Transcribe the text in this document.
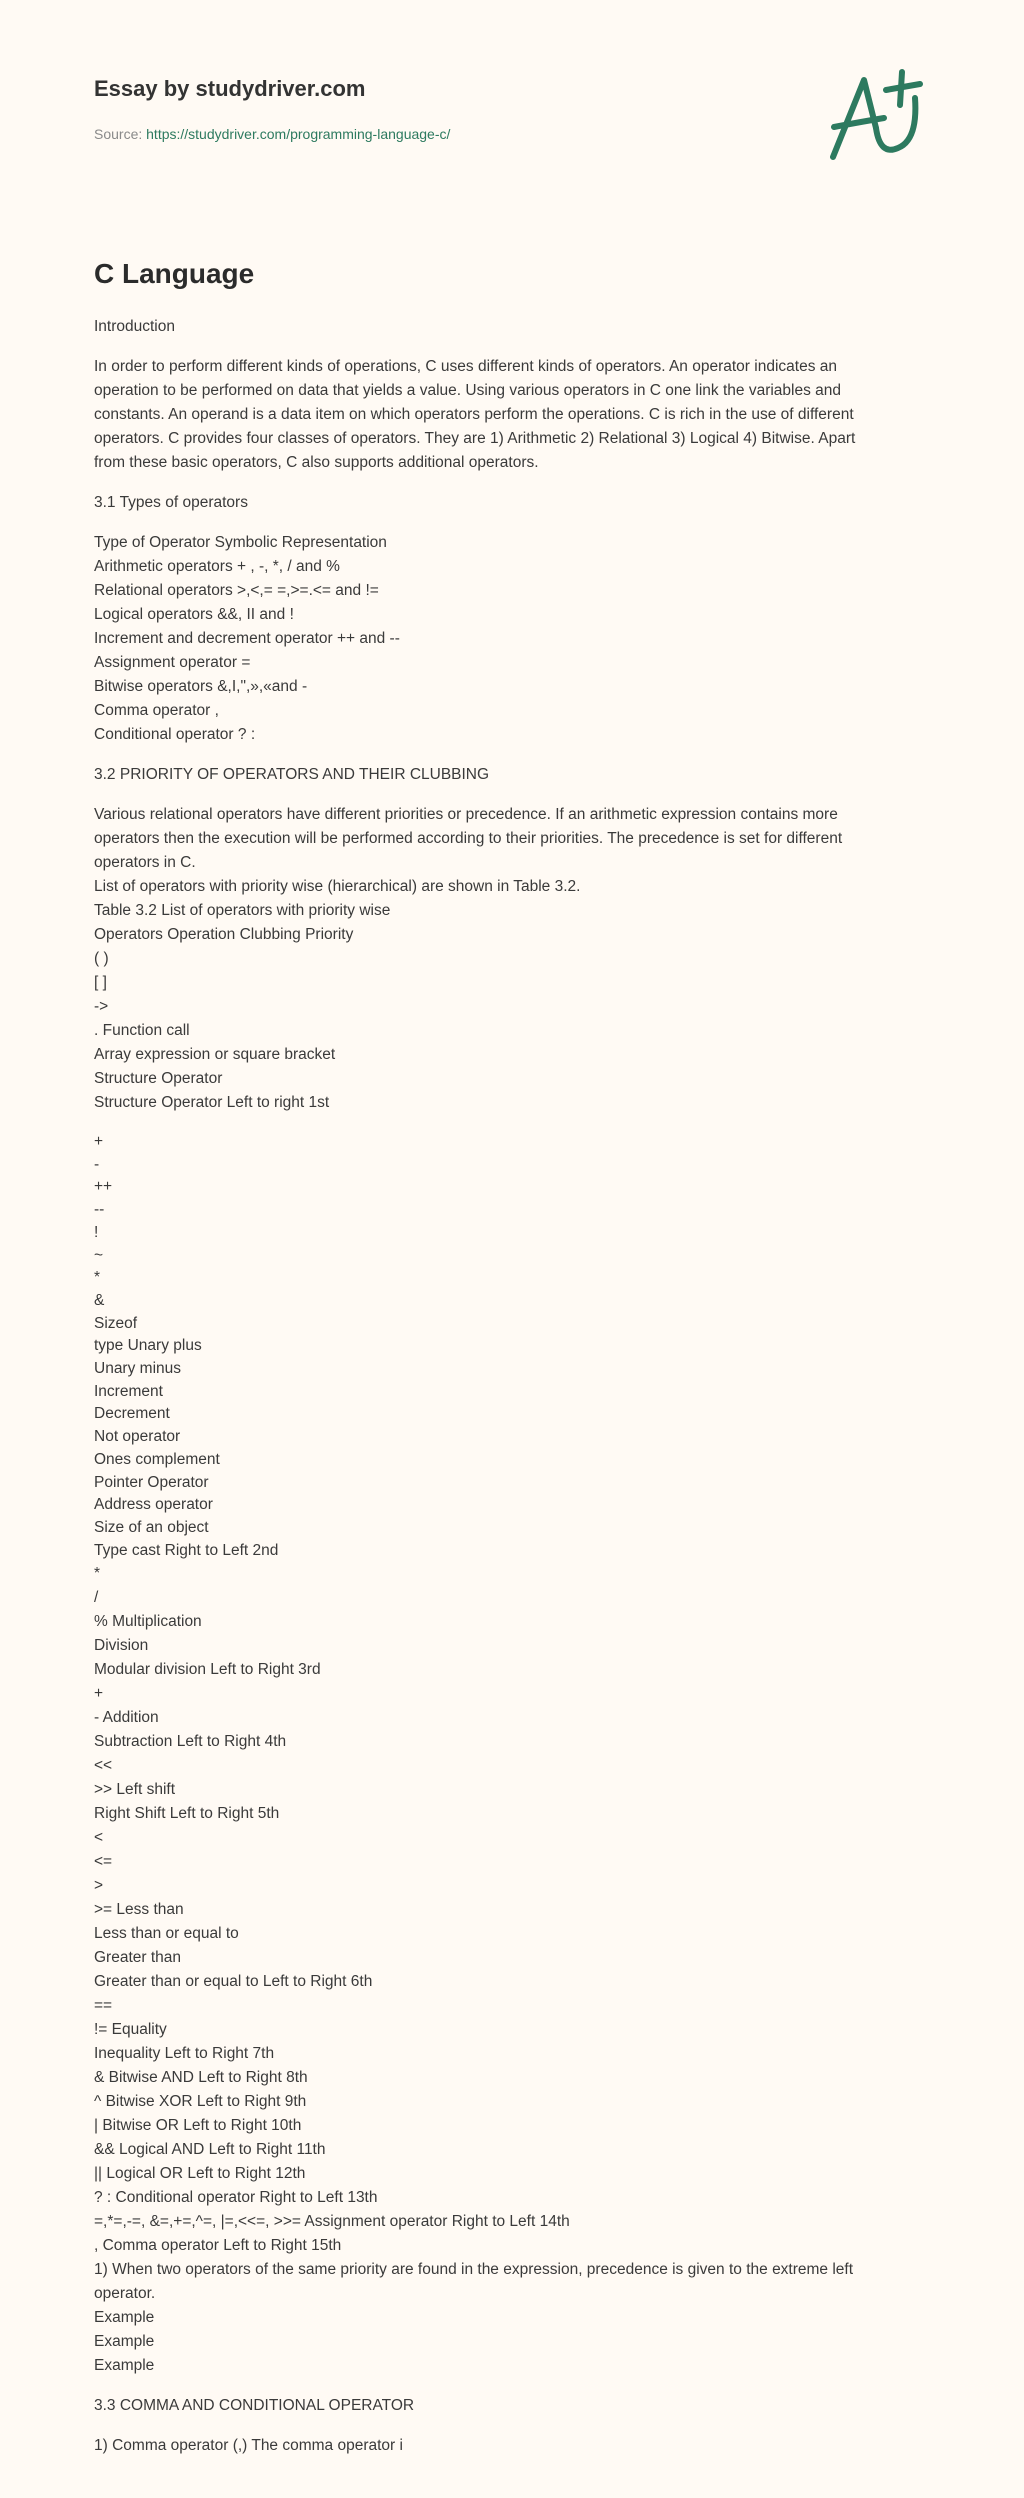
Essay by studydriver.com
Source: https://studydriver.com/programming-language-c/
C Language
Introduction
In order to perform different kinds of operations, C uses different kinds of operators. An operator indicates an
operation to be performed on data that yields a value. Using various operators in C one link the variables and
constants. An operand is a data item on which operators perform the operations. C is rich in the use of different
operators. C provides four classes of operators. They are 1) Arithmetic 2) Relational 3) Logical 4) Bitwise. Apart
from these basic operators, C also supports additional operators.
3.1 Types of operators
Type of Operator Symbolic Representation
Arithmetic operators + , -, *, / and %
Relational operators >,<,= =,>=.<= and !=
Logical operators &&, II and !
Increment and decrement operator ++ and --
Assignment operator =
Bitwise operators &,I,",»,«and -
Comma operator ,
Conditional operator ? :
3.2 PRIORITY OF OPERATORS AND THEIR CLUBBING
Various relational operators have different priorities or precedence. If an arithmetic expression contains more
operators then the execution will be performed according to their priorities. The precedence is set for different
operators in C.
List of operators with priority wise (hierarchical) are shown in Table 3.2.
Table 3.2 List of operators with priority wise
Operators Operation Clubbing Priority
( )
[ ]
->
. Function call
Array expression or square bracket
Structure Operator
Structure Operator Left to right 1st
+
-
++
--
!
~
*
&
Sizeof
type Unary plus
Unary minus
Increment
Decrement
Not operator
Ones complement
Pointer Operator
Address operator
Size of an object
Type cast Right to Left 2nd
*
/
% Multiplication
Division
Modular division Left to Right 3rd
+
- Addition
Subtraction Left to Right 4th
<<
>> Left shift
Right Shift Left to Right 5th
<
<=
>
>= Less than
Less than or equal to
Greater than
Greater than or equal to Left to Right 6th
==
!= Equality
Inequality Left to Right 7th
& Bitwise AND Left to Right 8th
^ Bitwise XOR Left to Right 9th
| Bitwise OR Left to Right 10th
&& Logical AND Left to Right 11th
|| Logical OR Left to Right 12th
? : Conditional operator Right to Left 13th
=,*=,-=, &=,+=,^=, |=,<<=, >>= Assignment operator Right to Left 14th
, Comma operator Left to Right 15th
1) When two operators of the same priority are found in the expression, precedence is given to the extreme left
operator.
Example
Example
Example
3.3 COMMA AND CONDITIONAL OPERATOR
1) Comma operator (,) The comma operator i
